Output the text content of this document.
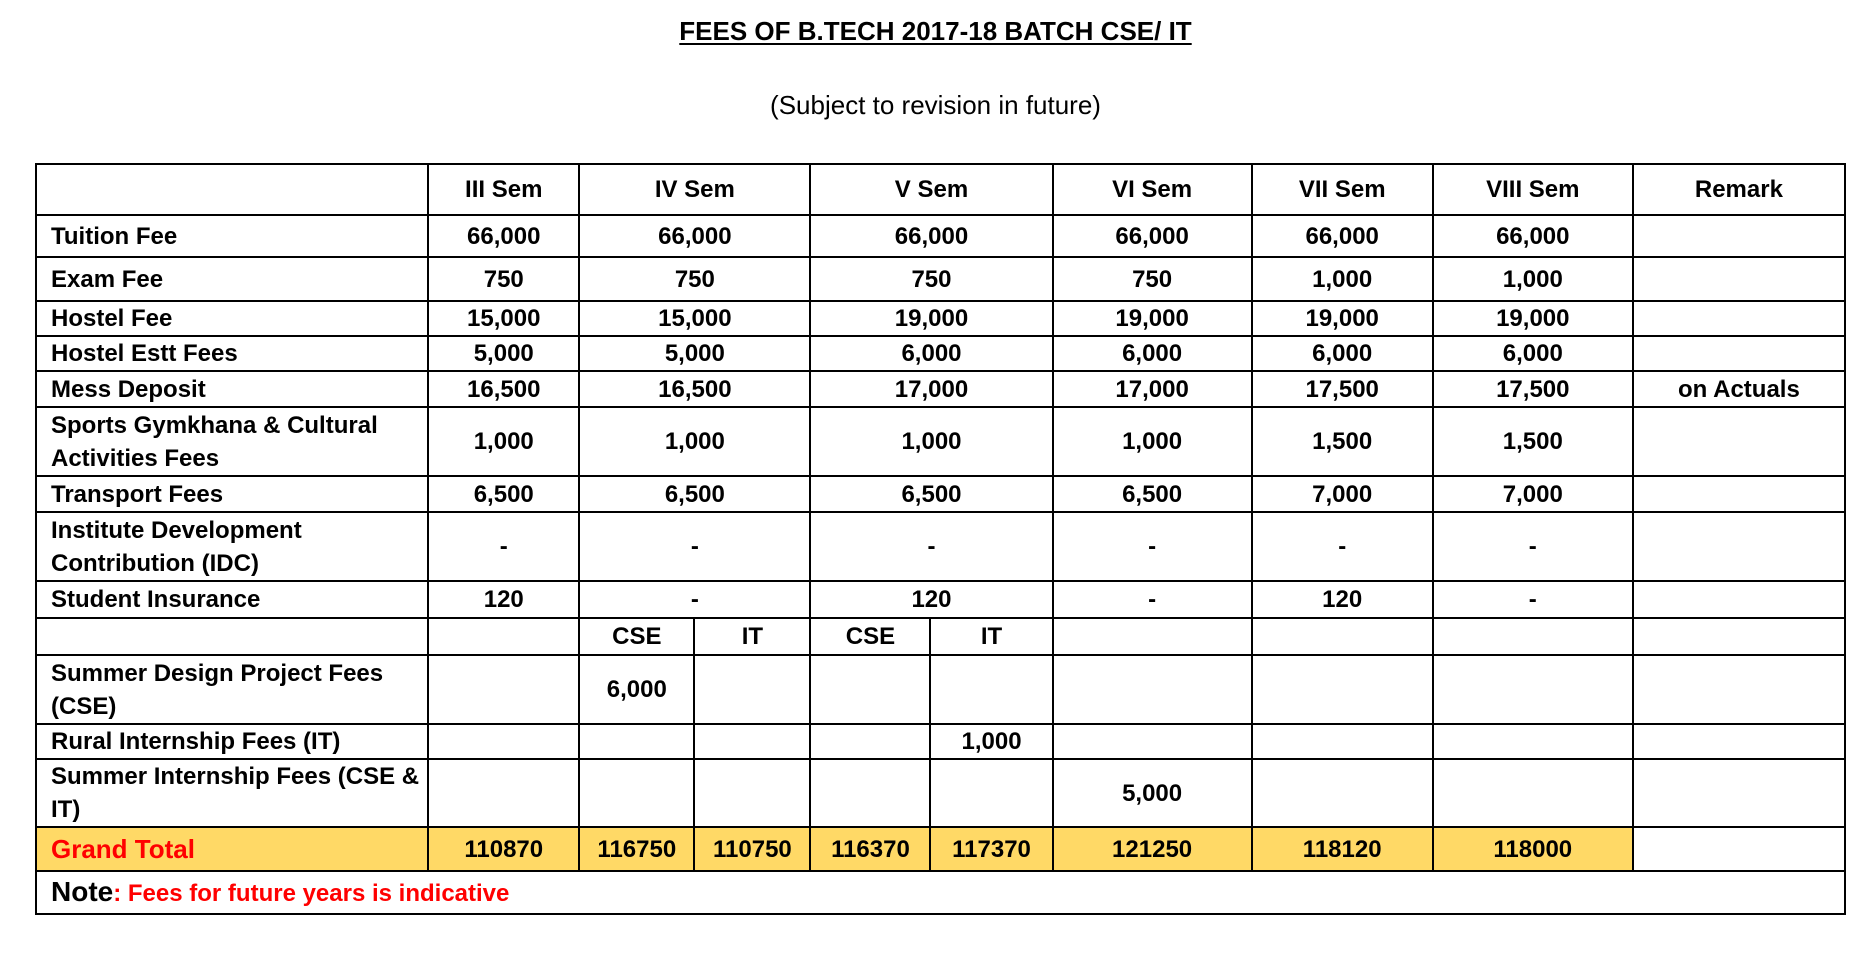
FEES OF B.TECH 2017-18 BATCH CSE/ IT
(Subject to revision in future)
	III Sem	IV Sem		V Sem		VI Sem	VII Sem	VIII Sem	Remark
Tuition Fee	66,000	66,000		66,000		66,000	66,000	66,000	
Exam Fee	750	750		750		750	1,000	1,000	
Hostel Fee	15,000	15,000		19,000		19,000	19,000	19,000	
Hostel Estt Fees	5,000	5,000		6,000		6,000	6,000	6,000	
Mess Deposit	16,500	16,500		17,000		17,000	17,500	17,500	on Actuals
Sports Gymkhana & Cultural Activities Fees	1,000	1,000		1,000		1,000	1,500	1,500	
Transport Fees	6,500	6,500		6,500		6,500	7,000	7,000	
Institute Development Contribution (IDC)	-	-		-		-	-	-	
Student Insurance	120	-		120		-	120	-	
		CSE	IT	CSE	IT				
Summer Design Project Fees (CSE)		6,000							
Rural Internship Fees (IT)					1,000				
Summer Internship Fees (CSE & IT)						5,000			
Grand Total	110870	116750	110750	116370	117370	121250	118120	118000	
Note: Fees for future years is indicative									
